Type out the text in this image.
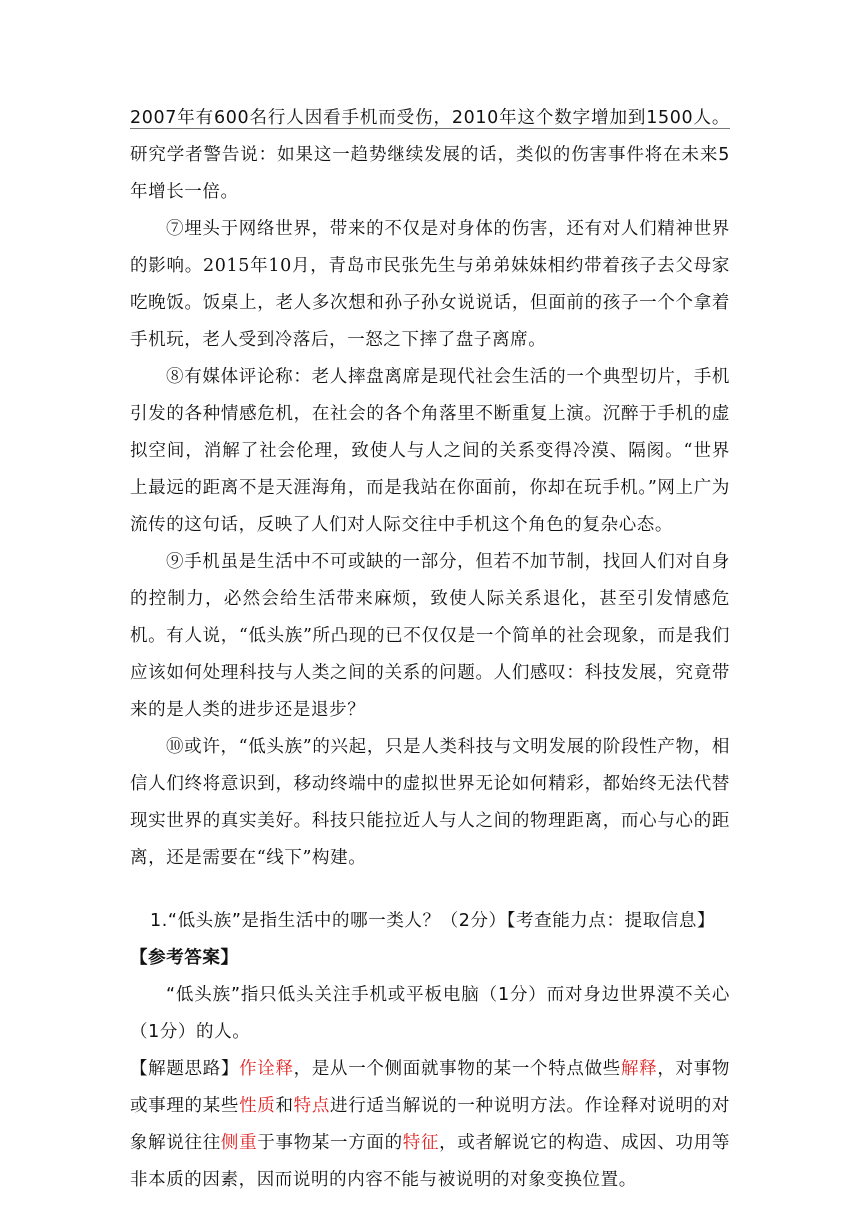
2007年有600名行人因看手机而受伤，2010年这个数字增加到1500人。研究学者警告说：如果这一趋势继续发展的话，类似的伤害事件将在未来5年增长一倍。

⑦埋头于网络世界，带来的不仅是对身体的伤害，还有对人们精神世界的影响。2015年10月，青岛市民张先生与弟弟妹妹相约带着孩子去父母家吃晚饭。饭桌上，老人多次想和孙子孙女说说话，但面前的孩子一个个拿着手机玩，老人受到冷落后，一怒之下摔了盘子离席。

⑧有媒体评论称：老人摔盘离席是现代社会生活的一个典型切片，手机引发的各种情感危机，在社会的各个角落里不断重复上演。沉醉于手机的虚拟空间，消解了社会伦理，致使人与人之间的关系变得冷漠、隔阂。“世界上最远的距离不是天涯海角，而是我站在你面前，你却在玩手机。”网上广为流传的这句话，反映了人们对人际交往中手机这个角色的复杂心态。

⑨手机虽是生活中不可或缺的一部分，但若不加节制，找回人们对自身的控制力，必然会给生活带来麻烦，致使人际关系退化，甚至引发情感危机。有人说，“低头族”所凸现的已不仅仅是一个简单的社会现象，而是我们应该如何处理科技与人类之间的关系的问题。人们感叹：科技发展，究竟带来的是人类的进步还是退步？

⑩或许，“低头族”的兴起，只是人类科技与文明发展的阶段性产物，相信人们终将意识到，移动终端中的虚拟世界无论如何精彩，都始终无法代替现实世界的真实美好。科技只能拉近人与人之间的物理距离，而心与心的距离，还是需要在“线下”构建。

1.“低头族”是指生活中的哪一类人？（2分）【考查能力点：提取信息】

【参考答案】

“低头族”指只低头关注手机或平板电脑（1分）而对身边世界漠不关心（1分）的人。

【解题思路】作诠释，是从一个侧面就事物的某一个特点做些解释，对事物或事理的某些性质和特点进行适当解说的一种说明方法。作诠释对说明的对象解说往往侧重于事物某一方面的特征，或者解说它的构造、成因、功用等非本质的因素，因而说明的内容不能与被说明的对象变换位置。
